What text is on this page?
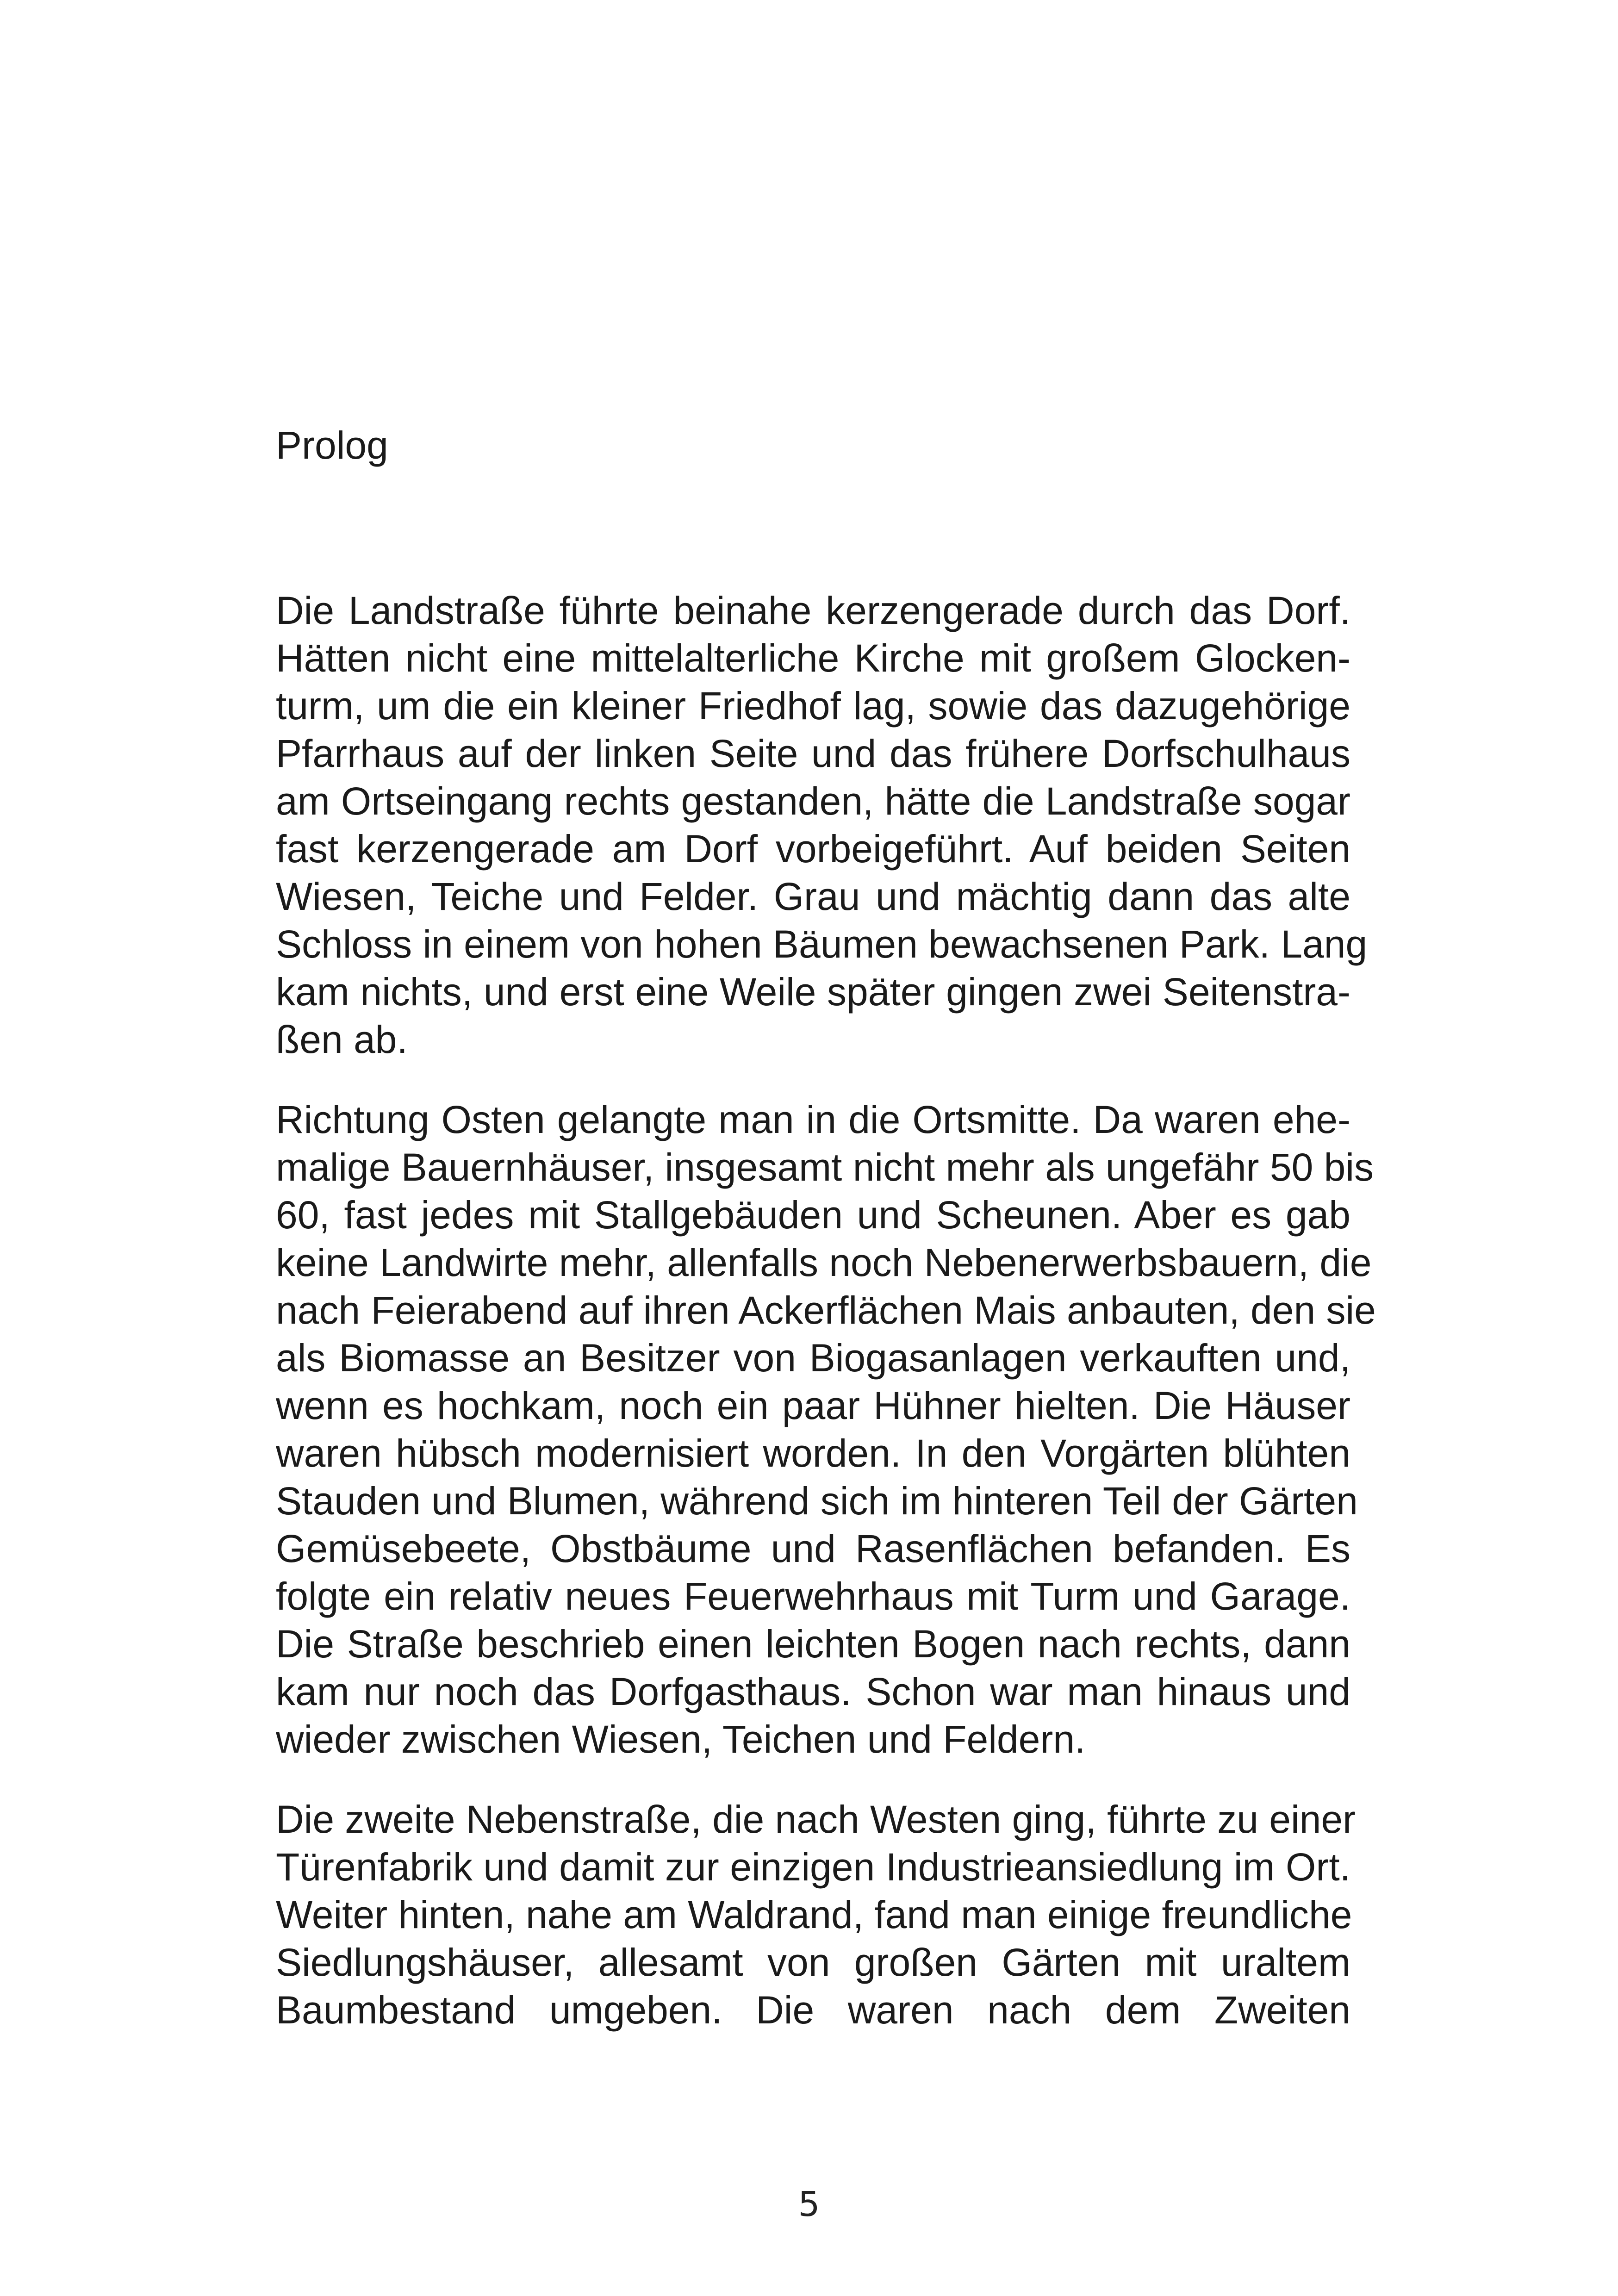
Prolog
Die Landstraße führte beinahe kerzengerade durch das Dorf.
Hätten nicht eine mittelalterliche Kirche mit großem Glocken-
turm, um die ein kleiner Friedhof lag, sowie das dazugehörige
Pfarrhaus auf der linken Seite und das frühere Dorfschulhaus
am Ortseingang rechts gestanden, hätte die Landstraße sogar
fast kerzengerade am Dorf vorbeigeführt. Auf beiden Seiten
Wiesen, Teiche und Felder. Grau und mächtig dann das alte
Schloss in einem von hohen Bäumen bewachsenen Park. Lang
kam nichts, und erst eine Weile später gingen zwei Seitenstra-
ßen ab.
Richtung Osten gelangte man in die Ortsmitte. Da waren ehe-
malige Bauernhäuser, insgesamt nicht mehr als ungefähr 50 bis
60, fast jedes mit Stallgebäuden und Scheunen. Aber es gab
keine Landwirte mehr, allenfalls noch Nebenerwerbsbauern, die
nach Feierabend auf ihren Ackerflächen Mais anbauten, den sie
als Biomasse an Besitzer von Biogasanlagen verkauften und,
wenn es hochkam, noch ein paar Hühner hielten. Die Häuser
waren hübsch modernisiert worden. In den Vorgärten blühten
Stauden und Blumen, während sich im hinteren Teil der Gärten
Gemüsebeete, Obstbäume und Rasenflächen befanden. Es
folgte ein relativ neues Feuerwehrhaus mit Turm und Garage.
Die Straße beschrieb einen leichten Bogen nach rechts, dann
kam nur noch das Dorfgasthaus. Schon war man hinaus und
wieder zwischen Wiesen, Teichen und Feldern.
Die zweite Nebenstraße, die nach Westen ging, führte zu einer
Türenfabrik und damit zur einzigen Industrieansiedlung im Ort.
Weiter hinten, nahe am Waldrand, fand man einige freundliche
Siedlungshäuser, allesamt von großen Gärten mit uraltem
Baumbestand umgeben. Die waren nach dem Zweiten
5
